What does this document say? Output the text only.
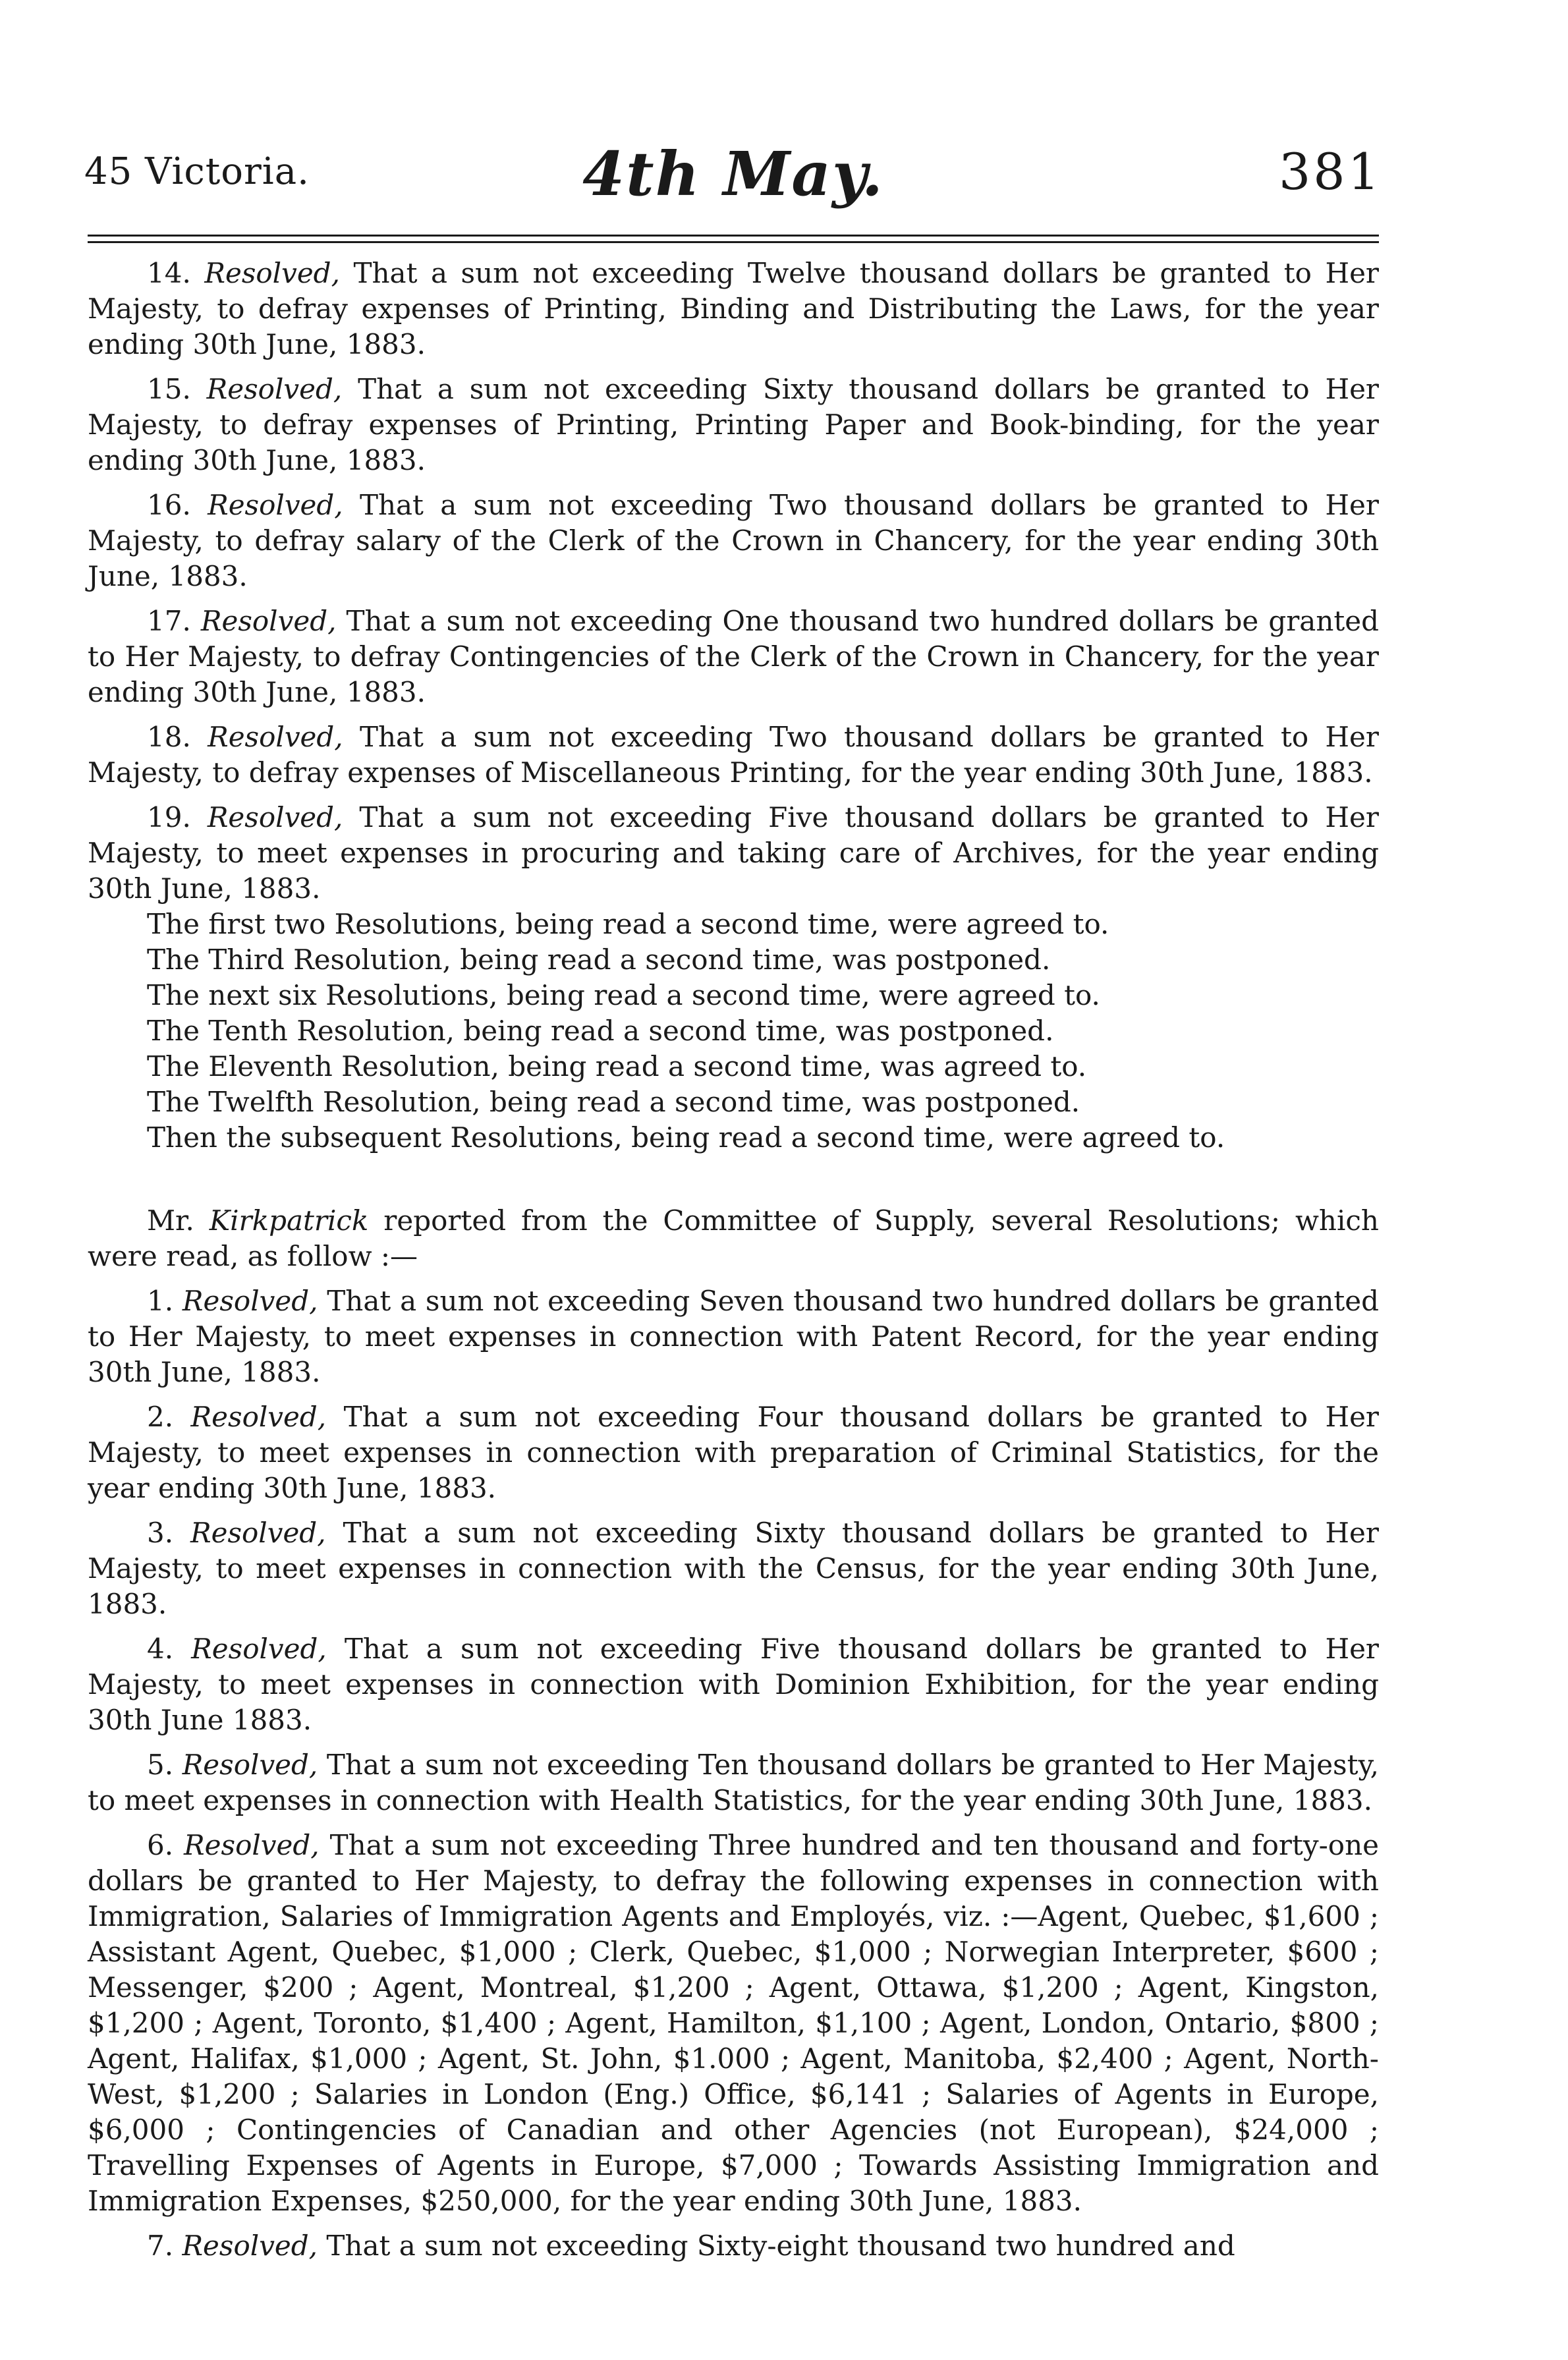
45 Victoria.	4th May.	381

14. Resolved, That a sum not exceeding Twelve thousand dollars be granted to Her Majesty, to defray expenses of Printing, Binding and Distributing the Laws, for the year ending 30th June, 1883.

15. Resolved, That a sum not exceeding Sixty thousand dollars be granted to Her Majesty, to defray expenses of Printing, Printing Paper and Book-binding, for the year ending 30th June, 1883.

16. Resolved, That a sum not exceeding Two thousand dollars be granted to Her Majesty, to defray salary of the Clerk of the Crown in Chancery, for the year ending 30th June, 1883.

17. Resolved, That a sum not exceeding One thousand two hundred dollars be granted to Her Majesty, to defray Contingencies of the Clerk of the Crown in Chancery, for the year ending 30th June, 1883.

18. Resolved, That a sum not exceeding Two thousand dollars be granted to Her Majesty, to defray expenses of Miscellaneous Printing, for the year ending 30th June, 1883.

19. Resolved, That a sum not exceeding Five thousand dollars be granted to Her Majesty, to meet expenses in procuring and taking care of Archives, for the year ending 30th June, 1883.

The first two Resolutions, being read a second time, were agreed to.

The Third Resolution, being read a second time, was postponed.

The next six Resolutions, being read a second time, were agreed to.

The Tenth Resolution, being read a second time, was postponed.

The Eleventh Resolution, being read a second time, was agreed to.

The Twelfth Resolution, being read a second time, was postponed.

Then the subsequent Resolutions, being read a second time, were agreed to.

Mr. Kirkpatrick reported from the Committee of Supply, several Resolutions; which were read, as follow :—

1. Resolved, That a sum not exceeding Seven thousand two hundred dollars be granted to Her Majesty, to meet expenses in connection with Patent Record, for the year ending 30th June, 1883.

2. Resolved, That a sum not exceeding Four thousand dollars be granted to Her Majesty, to meet expenses in connection with preparation of Criminal Statistics, for the year ending 30th June, 1883.

3. Resolved, That a sum not exceeding Sixty thousand dollars be granted to Her Majesty, to meet expenses in connection with the Census, for the year ending 30th June, 1883.

4. Resolved, That a sum not exceeding Five thousand dollars be granted to Her Majesty, to meet expenses in connection with Dominion Exhibition, for the year ending 30th June 1883.

5. Resolved, That a sum not exceeding Ten thousand dollars be granted to Her Majesty, to meet expenses in connection with Health Statistics, for the year ending 30th June, 1883.

6. Resolved, That a sum not exceeding Three hundred and ten thousand and forty-one dollars be granted to Her Majesty, to defray the following expenses in connection with Immigration, Salaries of Immigration Agents and Employés, viz. :—Agent, Quebec, $1,600 ; Assistant Agent, Quebec, $1,000 ; Clerk, Quebec, $1,000 ; Norwegian Interpreter, $600 ; Messenger, $200 ; Agent, Montreal, $1,200 ; Agent, Ottawa, $1,200 ; Agent, Kingston, $1,200 ; Agent, Toronto, $1,400 ; Agent, Hamilton, $1,100 ; Agent, London, Ontario, $800 ; Agent, Halifax, $1,000 ; Agent, St. John, $1.000 ; Agent, Manitoba, $2,400 ; Agent, North-West, $1,200 ; Salaries in London (Eng.) Office, $6,141 ; Salaries of Agents in Europe, $6,000 ; Contingencies of Canadian and other Agencies (not European), $24,000 ; Travelling Expenses of Agents in Europe, $7,000 ; Towards Assisting Immigration and Immigration Expenses, $250,000, for the year ending 30th June, 1883.

7. Resolved, That a sum not exceeding Sixty-eight thousand two hundred and
